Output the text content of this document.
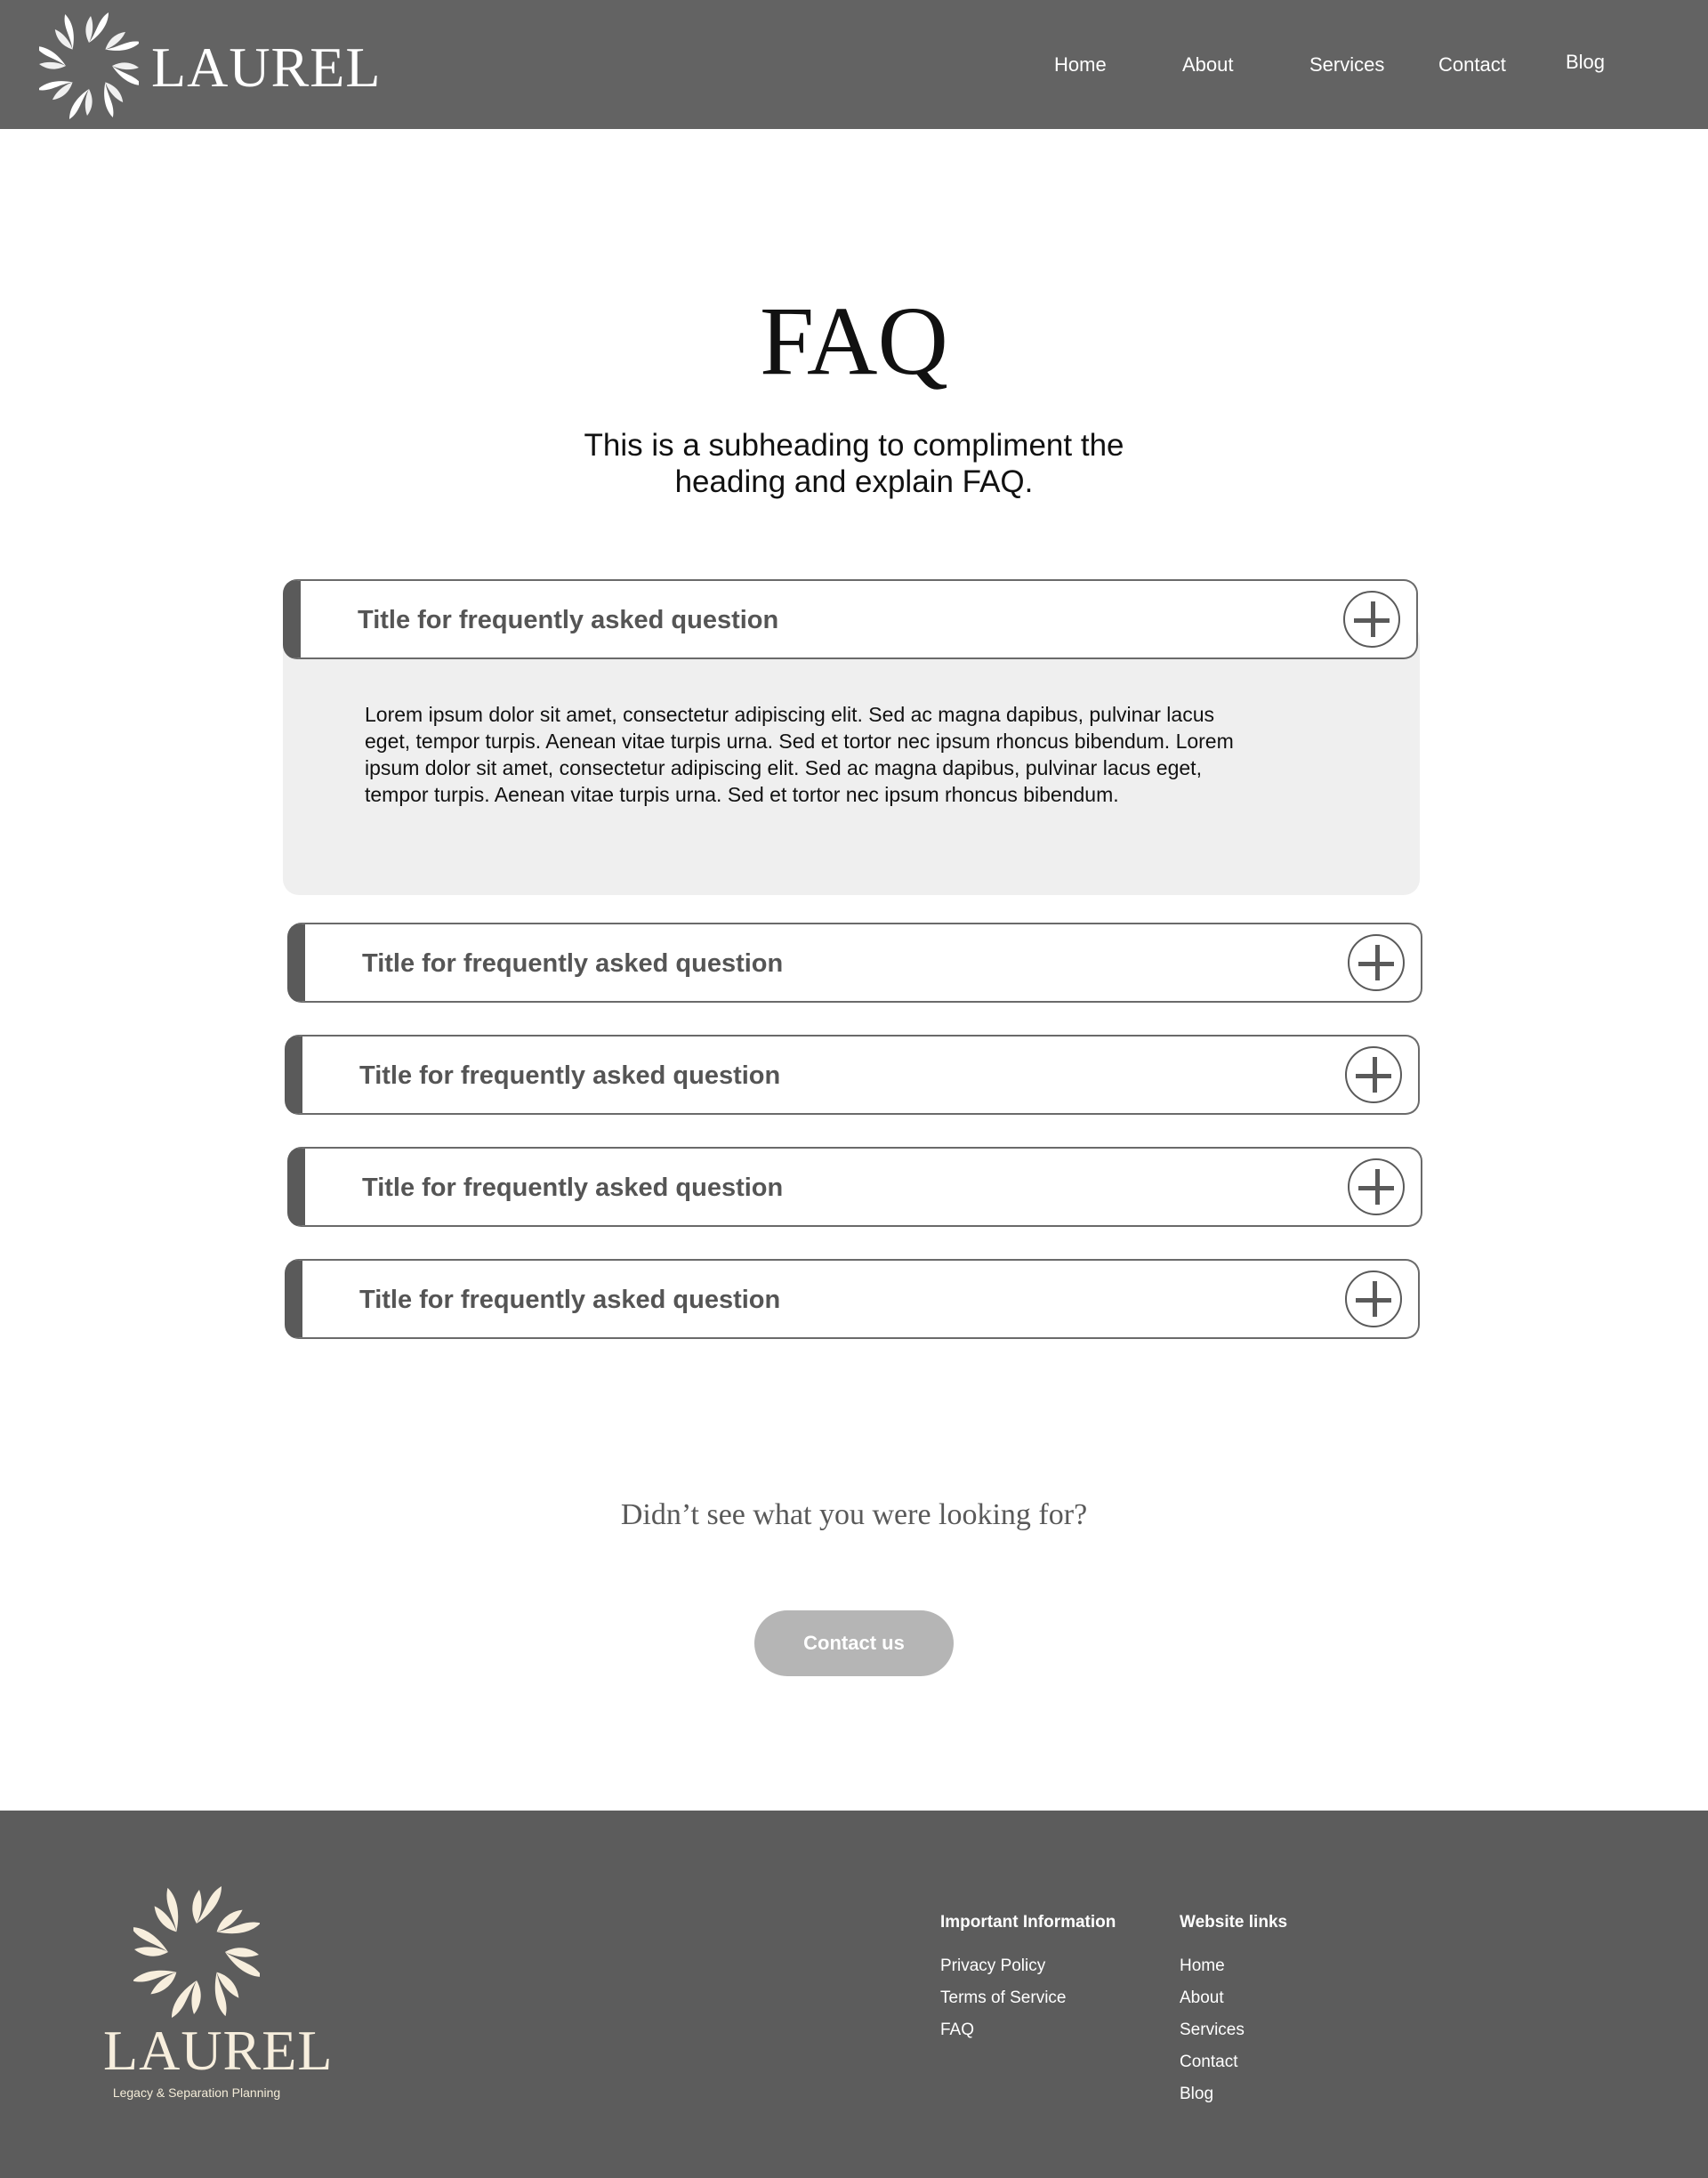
LAUREL	Home	About	Services	Contact	Blog
FAQ

This is a subheading to compliment the heading and explain FAQ.

Lorem ipsum dolor sit amet, consectetur adipiscing elit. Sed ac magna dapibus, pulvinar lacus eget, tempor turpis. Aenean vitae turpis urna. Sed et tortor nec ipsum rhoncus bibendum. Lorem ipsum dolor sit amet, consectetur adipiscing elit. Sed ac magna dapibus, pulvinar lacus eget, tempor turpis. Aenean vitae turpis urna. Sed et tortor nec ipsum rhoncus bibendum.

Title for frequently asked question
Title for frequently asked question
Title for frequently asked question
Title for frequently asked question
Title for frequently asked question

Didn’t see what you were looking for?

Contact us
LAUREL
Legacy & Separation Planning
Important Information
Privacy Policy
Terms of Service
FAQ
Website links
Home
About
Services
Contact
Blog
